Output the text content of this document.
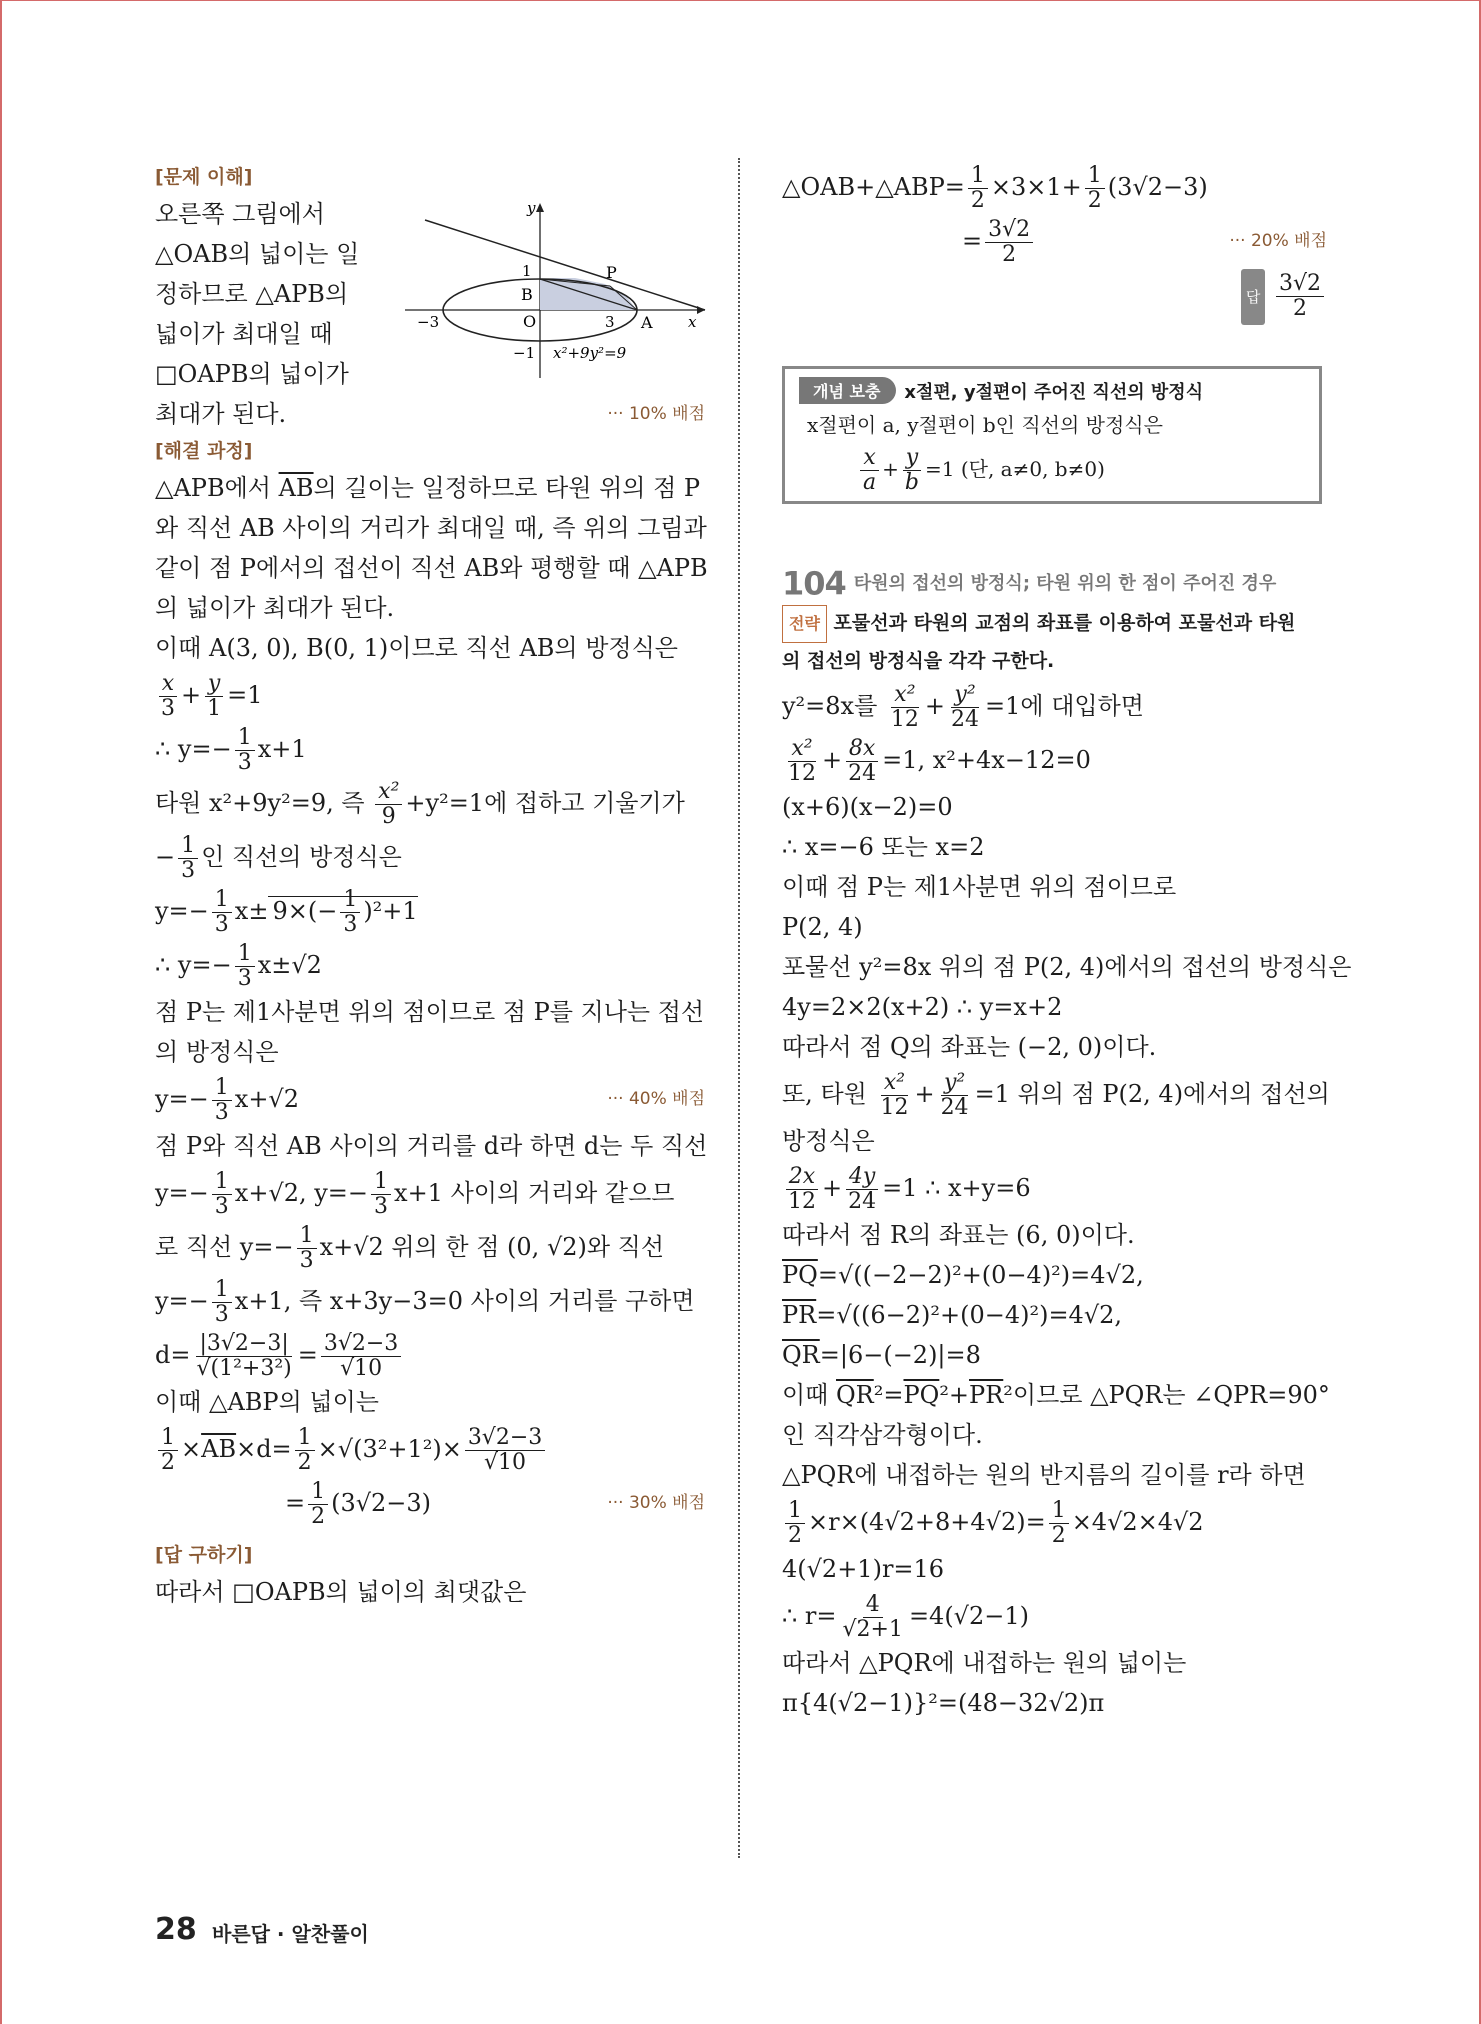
[문제 이해]

오른쪽 그림에서

△OAB의 넓이는 일

정하므로 △APB의

넓이가 최대일 때

□OAPB의 넓이가

최대가 된다.	··· 10% 배점

[해결 과정]

△APB에서 $\overline{AB}$의 길이는 일정하므로 타원 위의 점 P

와 직선 AB 사이의 거리가 최대일 때, 즉 위의 그림과

같이 점 P에서의 접선이 직선 AB와 평행할 때 △APB

의 넓이가 최대가 된다.

이때 A(3, 0), B(0, 1)이므로 직선 AB의 방정식은

$\frac{x}{3} + \frac{y}{1} =1$

∴ $y=- \frac{1}{3} x+1$

타원 x²+9y²=9, 즉 $\frac{\text{x²}}{9} +y^2=1$에 접하고 기울기가

− $\frac{1}{3}$ 인 직선의 방정식은

$y=- \frac{1}{3} x\pm 9\times(- \frac{1}{3} )^2+1$

∴ $y=- \frac{1}{3} x\pm√2$

점 P는 제1사분면 위의 점이므로 점 P를 지나는 접선

의 방정식은

$y=- \frac{1}{3} x+√2$	··· 40% 배점

점 P와 직선 AB 사이의 거리를 d라 하면 d는 두 직선

$y=- \frac{1}{3} x+√2$, $y=- \frac{1}{3} x+1$ 사이의 거리와 같으므

로 직선 $y=- \frac{1}{3} x+√2$ 위의 한 점 (0, √2)와 직선

$y=- \frac{1}{3} x+1$, 즉 x+3y−3=0 사이의 거리를 구하면

$d= \frac{|3√2-3|}{\text{√(1²+3²)}} = \frac{3√2-3}{√10}$

이때 △ABP의 넓이는

$\frac{1}{2} \times\overline{AB}\times d= \frac{1}{2} \times√(3^2+1^2)\times \frac{3√2-3}{√10}$

= $\frac{1}{2} (3√2-3)$	··· 30% 배점

[답 구하기]

따라서 □OAPB의 넓이의 최댓값은

y
1
B
P
−3	O	3 A x
−1 x²+9y²=9

△OAB+△ABP= $\frac{1}{2} \times 3\times 1+ \frac{1}{2} (3√2-3)$

= $\frac{3√2}{2}$	··· 20% 배점

답 $\frac{3√2}{2}$

개념 보충 x절편, y절편이 주어진 직선의 방정식

x절편이 a, y절편이 b인 직선의 방정식은

$\frac{x}{a} + \frac{y}{b} =1$ (단, a≠0, b≠0)

104 타원의 접선의 방정식; 타원 위의 한 점이 주어진 경우

전략 포물선과 타원의 교점의 좌표를 이용하여 포물선과 타원

의 접선의 방정식을 각각 구한다.

y²=8x를 $\frac{\text{x²}}{12} + \frac{\text{y²}}{24} =1$에 대입하면

$\frac{\text{x²}}{12} + \frac{8x}{24} =1$, x²+4x−12=0

(x+6)(x−2)=0

∴ x=−6 또는 x=2

이때 점 P는 제1사분면 위의 점이므로

P(2, 4)

포물선 y²=8x 위의 점 P(2, 4)에서의 접선의 방정식은

4y=2×2(x+2) ∴ y=x+2

따라서 점 Q의 좌표는 (−2, 0)이다.

또, 타원 $\frac{\text{x²}}{12} + \frac{\text{y²}}{24} =1$ 위의 점 P(2, 4)에서의 접선의

방정식은

$\frac{2x}{12} + \frac{4y}{24} =1$ ∴ x+y=6

따라서 점 R의 좌표는 (6, 0)이다.

$\overline{PQ}=√((-2-2)^2+(0-4)^2)=4√2$,

$\overline{PR}=√((6-2)^2+(0-4)^2)=4√2$,

$\overline{QR}=|6-(-2)|=8$

이때 $\overline{QR}^2=\overline{PQ}^2+\overline{PR}^2$이므로 △PQR는 ∠QPR=90°

인 직각삼각형이다.

△PQR에 내접하는 원의 반지름의 길이를 r라 하면

$\frac{1}{2} \times r\times(4√2+8+4√2)= \frac{1}{2} \times 4√2\times 4√2$

4(√2+1)r=16

∴ $r= \frac{4}{√2+1} =4(√2-1)$

따라서 △PQR에 내접하는 원의 넓이는

π{4(√2−1)}²=(48−32√2)π

28 바른답 · 알찬풀이
